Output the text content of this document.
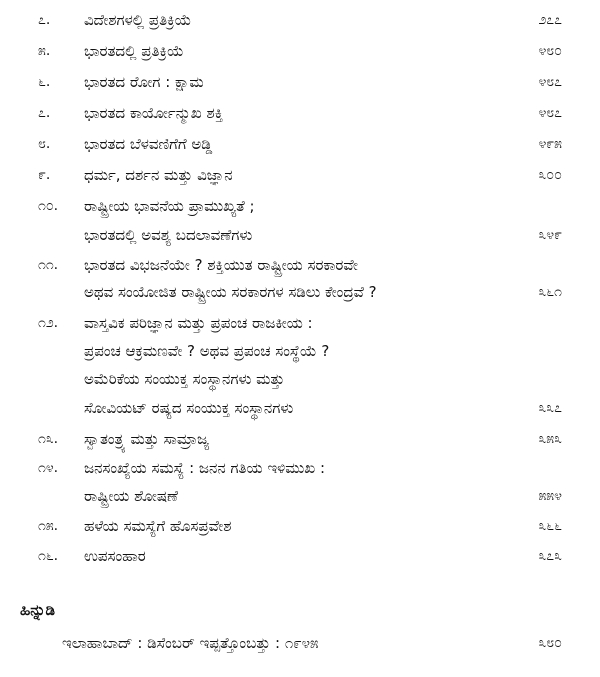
೭.	ವಿದೇಶಗಳಲ್ಲಿ ಪ್ರತಿಕ್ರಿಯೆ	೨೭೭
೫.	ಭಾರತದಲ್ಲಿ ಪ್ರತಿಕ್ರಿಯೆ	೪೮೦
೬.	ಭಾರತದ ರೋಗ : ಕ್ಷಾಮ	೪೮೭
೭.	ಭಾರತದ ಕಾರ್ಯೋನ್ಮುಖ ಶಕ್ತಿ	೪೮೭
೮.	ಭಾರತದ ಬೆಳವಣಿಗೆಗೆ ಅಡ್ಡಿ	೪೯೫
೯.	ಧರ್ಮ, ದರ್ಶನ ಮತ್ತು ವಿಜ್ಞಾನ	೩೦೦
೧೦.	ರಾಷ್ಟ್ರೀಯ ಭಾವನೆಯ ಪ್ರಾಮುಖ್ಯತೆ ;
ಭಾರತದಲ್ಲಿ ಅವಶ್ಯ ಬದಲಾವಣೆಗಳು	೩೪೯
೧೧.	ಭಾರತದ ವಿಭಜನೆಯೇ ? ಶಕ್ತಿಯುತ ರಾಷ್ಟ್ರೀಯ ಸರಕಾರವೇ
ಅಥವ ಸಂಯೋಜಿತ ರಾಷ್ಟ್ರೀಯ ಸರಕಾರಗಳ ಸಡಿಲು ಕೇಂದ್ರವೆ ?	೩೬೧
೧೨.	ವಾಸ್ತವಿಕ ಪರಿಜ್ಞಾನ ಮತ್ತು ಪ್ರಪಂಚ ರಾಜಕೀಯ :
ಪ್ರಪಂಚ ಆಕ್ರಮಣವೇ ? ಅಥವ ಪ್ರಪಂಚ ಸಂಸ್ಥೆಯೆ ?
ಅಮೆರಿಕೆಯ ಸಂಯುಕ್ತ ಸಂಸ್ಥಾನಗಳು ಮತ್ತು
ಸೋವಿಯಟ್ ರಷ್ಯದ ಸಂಯುಕ್ತ ಸಂಸ್ಥಾನಗಳು	೩೩೭
೧೩.	ಸ್ವಾತಂತ್ರ್ಯ ಮತ್ತು ಸಾಮ್ರಾಜ್ಯ	೩೫೩
೧೪.	ಜನಸಂಖ್ಯೆಯ ಸಮಸ್ಯೆ : ಜನನ ಗತಿಯ ಇಳಿಮುಖ :
ರಾಷ್ಟ್ರೀಯ ಶೋಷಣೆ	೫೫೪
೧೫.	ಹಳೆಯ ಸಮಸ್ಯೆಗೆ ಹೊಸಪ್ರವೇಶ	೩೬೬
೧೬.	ಉಪಸಂಹಾರ	೩೭೩
ಹಿನ್ನುಡಿ
ಇಲಾಹಾಬಾದ್ : ಡಿಸೆಂಬರ್ ಇಪ್ಪತ್ತೊಂಬತ್ತು : ೧೯೪೫	೩೮೦
